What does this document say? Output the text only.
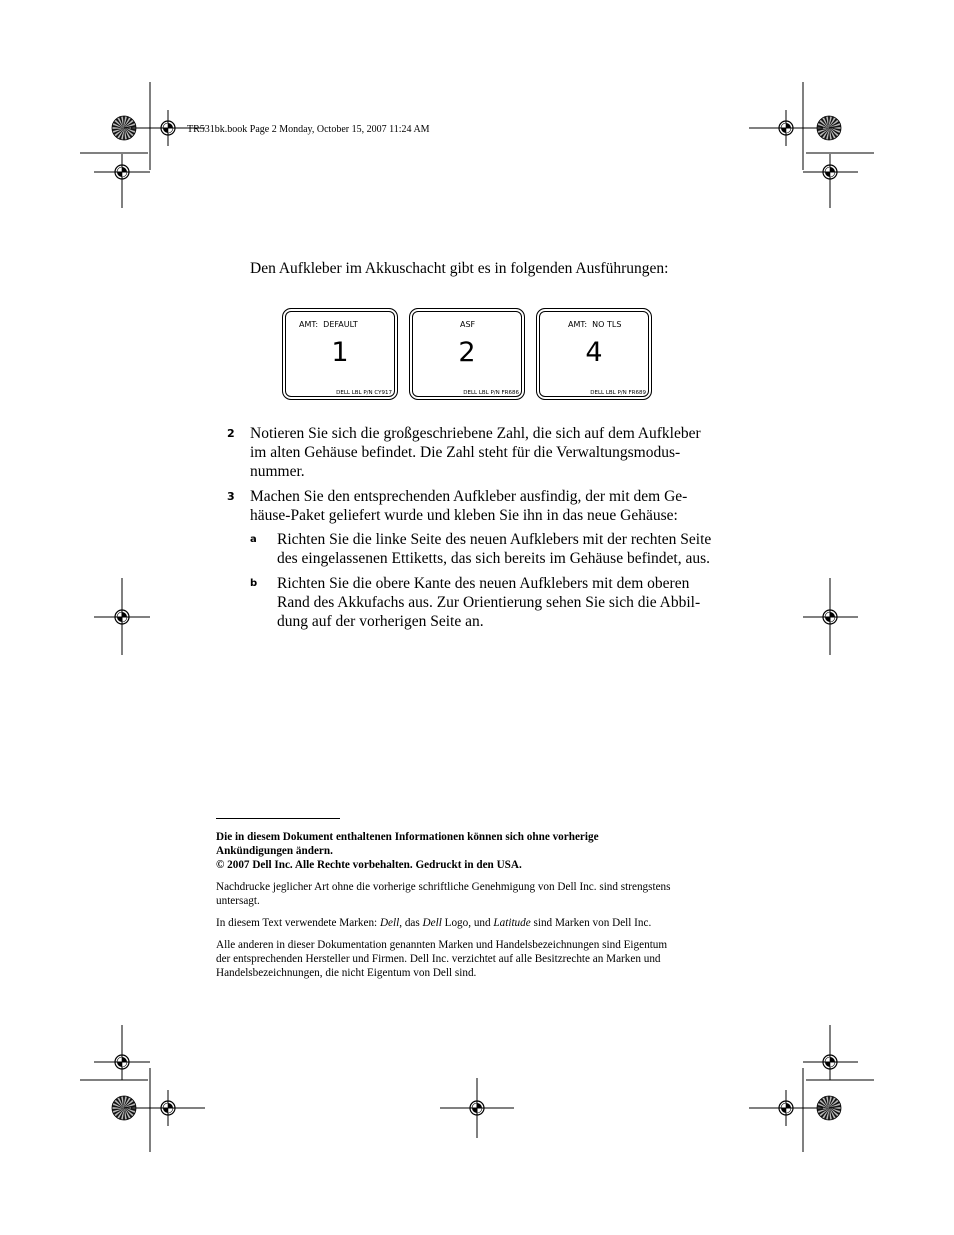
TR531bk.book Page 2 Monday, October 15, 2007 11:24 AM
Den Aufkleber im Akkuschacht gibt es in folgenden Ausführungen:
AMT:  DEFAULT
1
DELL LBL P/N CY917
ASF
2
DELL LBL P/N FR686
AMT:  NO TLS
4
DELL LBL P/N FR689
2 Notieren Sie sich die großgeschriebene Zahl, die sich auf dem Aufkleber
im alten Gehäuse befindet. Die Zahl steht für die Verwaltungsmodus-
nummer.
3 Machen Sie den entsprechenden Aufkleber ausfindig, der mit dem Ge-
häuse-Paket geliefert wurde und kleben Sie ihn in das neue Gehäuse:
a Richten Sie die linke Seite des neuen Aufklebers mit der rechten Seite
des eingelassenen Ettiketts, das sich bereits im Gehäuse befindet, aus.
b Richten Sie die obere Kante des neuen Aufklebers mit dem oberen
Rand des Akkufachs aus. Zur Orientierung sehen Sie sich die Abbil-
dung auf der vorherigen Seite an.
Die in diesem Dokument enthaltenen Informationen können sich ohne vorherige
Ankündigungen ändern.
© 2007 Dell Inc. Alle Rechte vorbehalten. Gedruckt in den USA.
Nachdrucke jeglicher Art ohne die vorherige schriftliche Genehmigung von Dell Inc. sind strengstens
untersagt.
In diesem Text verwendete Marken: Dell, das Dell Logo, und Latitude sind Marken von Dell Inc.
Alle anderen in dieser Dokumentation genannten Marken und Handelsbezeichnungen sind Eigentum
der entsprechenden Hersteller und Firmen. Dell Inc. verzichtet auf alle Besitzrechte an Marken und
Handelsbezeichnungen, die nicht Eigentum von Dell sind.
